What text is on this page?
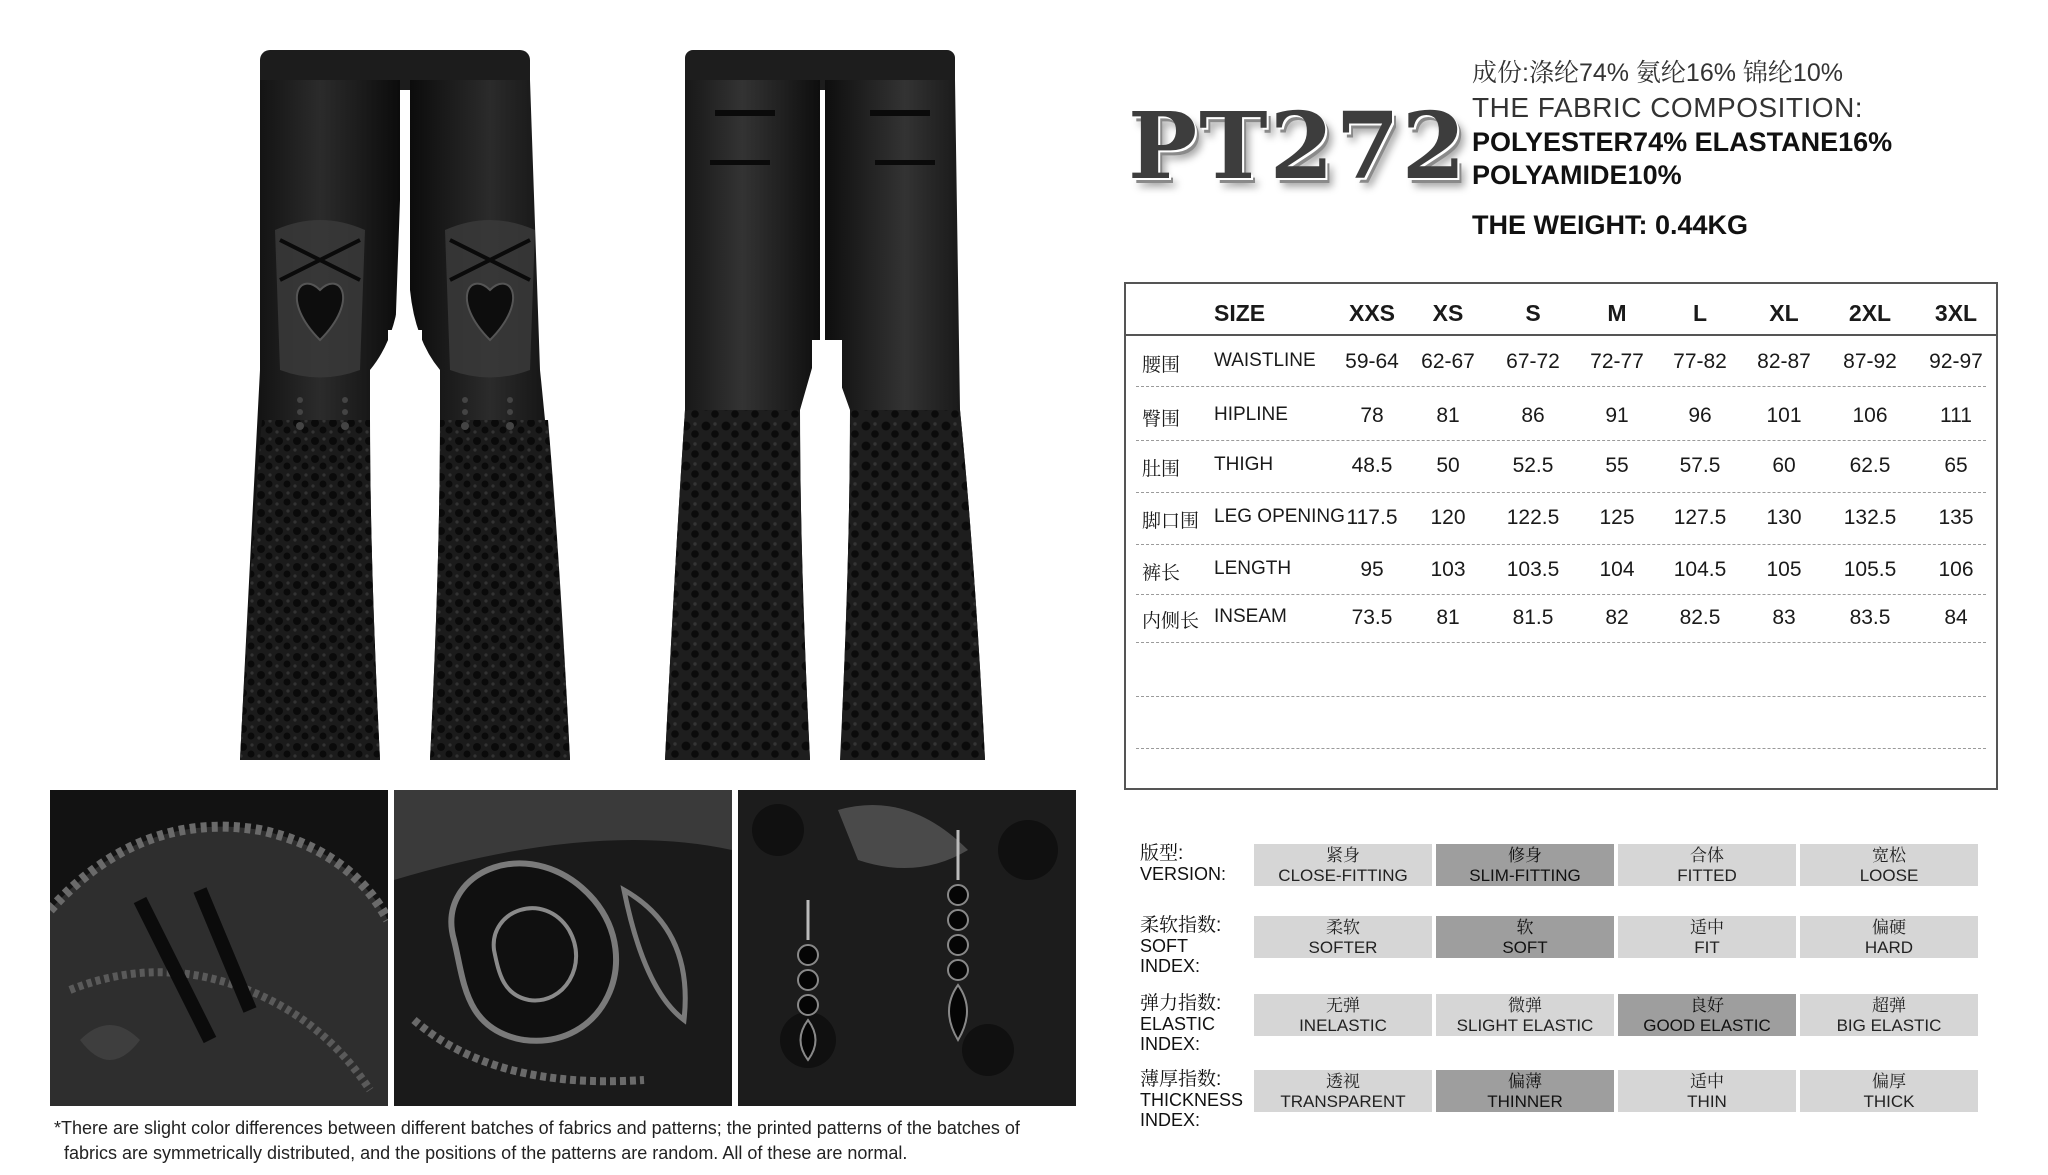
*There are slight color differences between different batches of fabrics and patterns; the printed patterns of the batches of
fabrics are symmetrically distributed, and the positions of the patterns are random. All of these are normal.

PT272
成份:涤纶74% 氨纶16% 锦纶10%
THE FABRIC COMPOSITION:
POLYESTER74% ELASTANE16%
POLYAMIDE10%
THE WEIGHT: 0.44KG
SIZE	XXS XS	S	M	L	XL 2XL 3XL
腰围 WAISTLINE 59-64 62-67 67-72 72-77 77-82 82-87 87-92 92-97
臀围 HIPLINE	78	81	86	91	96	101 106	111
肚围 THIGH	48.5 50	52.5 55 57.5 60	62.5	65
脚口围 LEG OPENING 117.5 120 122.5 125 127.5 130 132.5 135
裤长 LENGTH	95 103 103.5 104 104.5 105 105.5 106
内侧长 INSEAM	73.5 81	81.5 82 82.5 83	83.5	84
版型:
VERSION:
紧身
CLOSE-FITTING
修身
SLIM-FITTING
合体
FITTED
宽松
LOOSE
柔软指数:
SOFT
INDEX:
柔软
SOFTER
软
SOFT
适中
FIT
偏硬
HARD
弹力指数:
ELASTIC
INDEX:
无弹
INELASTIC
微弹
SLIGHT ELASTIC
良好
GOOD ELASTIC
超弹
BIG ELASTIC
薄厚指数:
THICKNESS
INDEX:
透视
TRANSPARENT
偏薄
THINNER
适中
THIN
偏厚
THICK
